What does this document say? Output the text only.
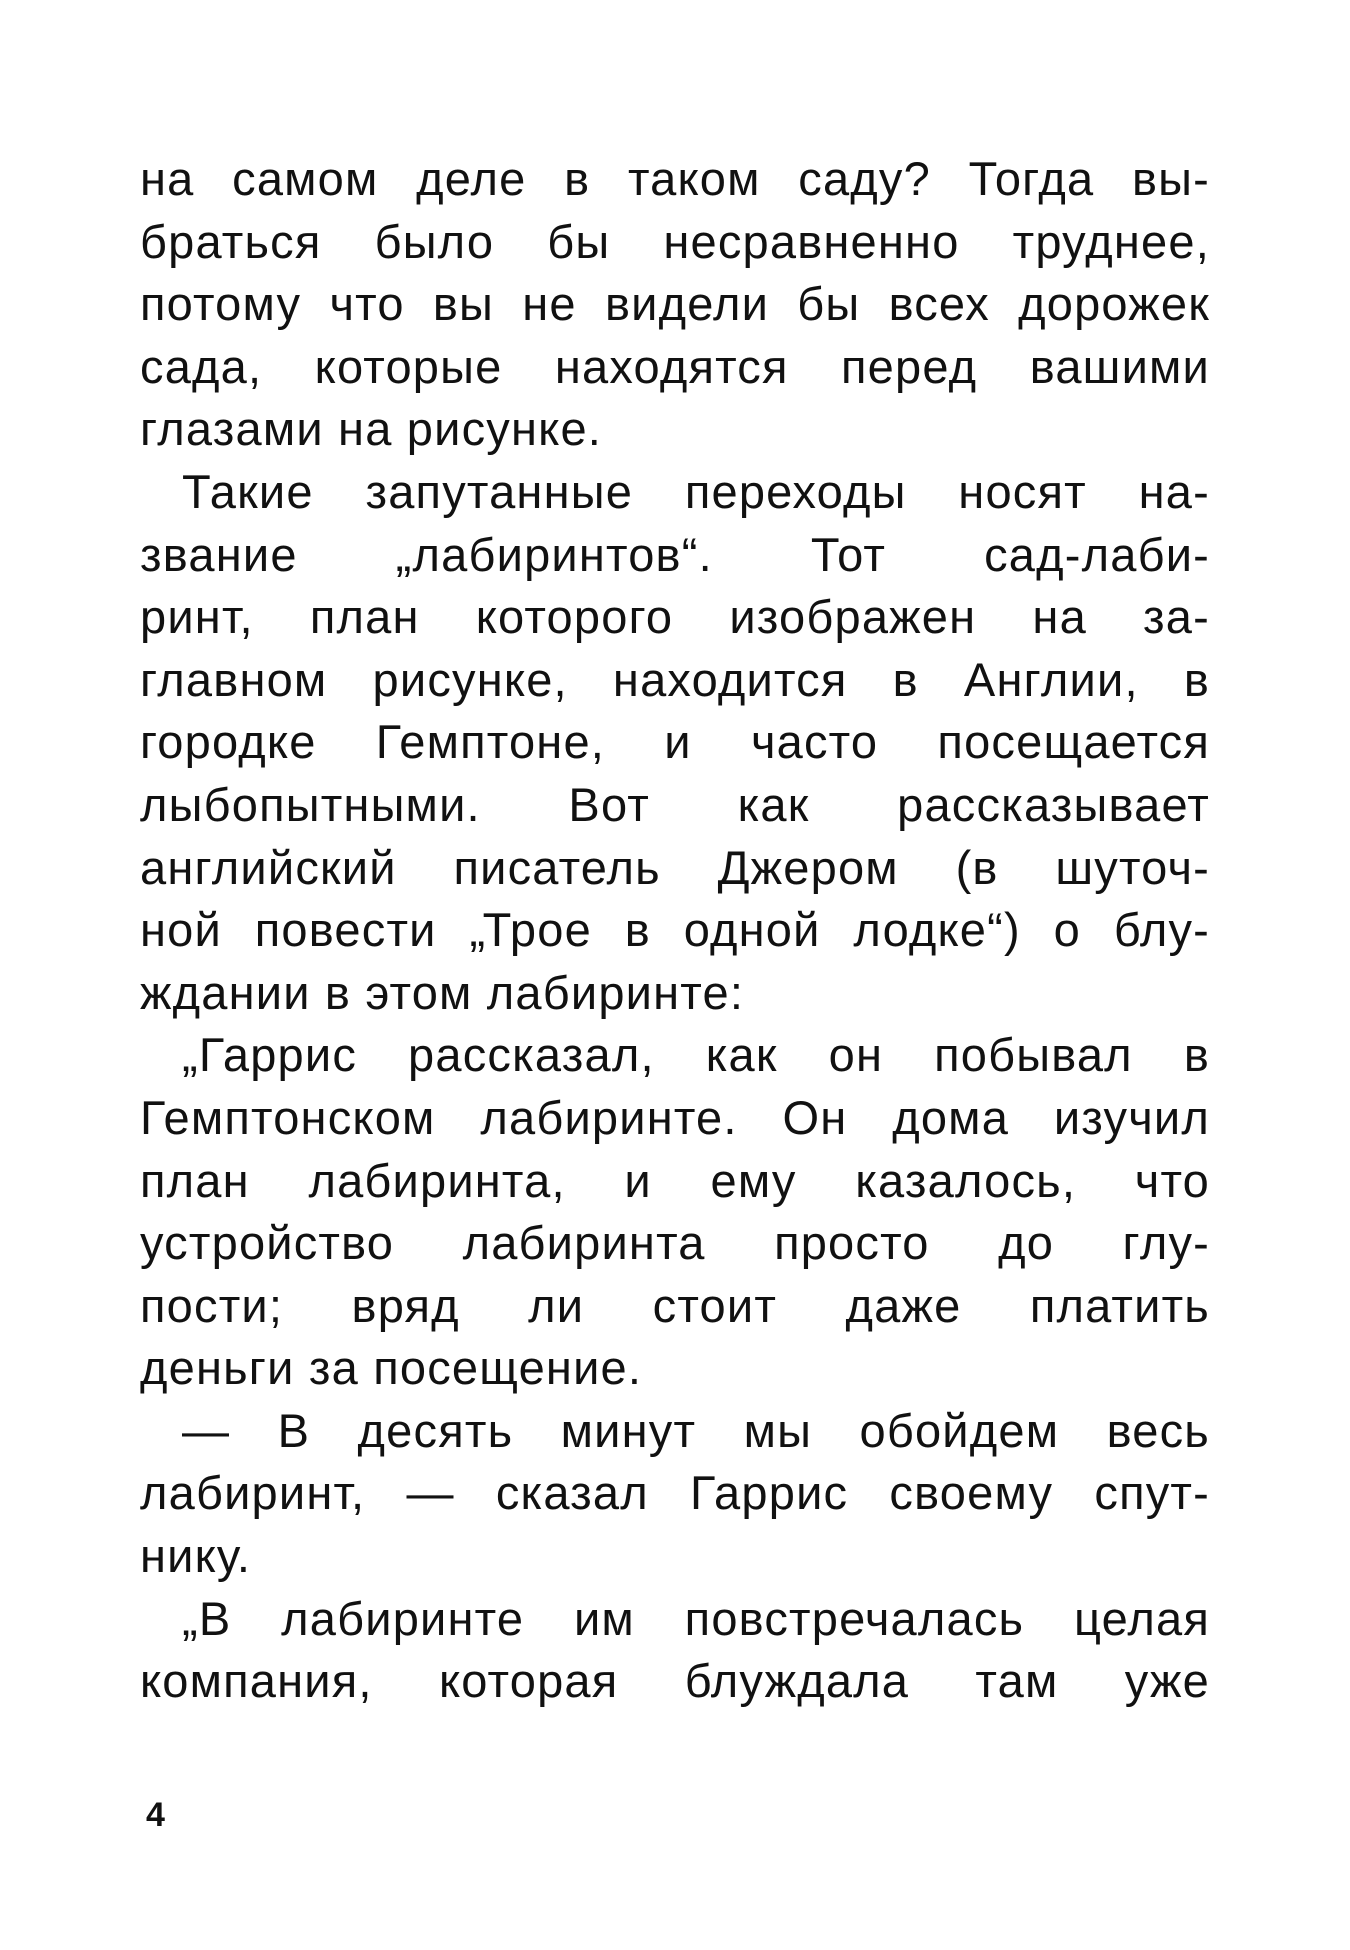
на самом деле в таком саду? Тогда вы-
браться было бы несравненно труднее,
потому что вы не видели бы всех дорожек
сада, которые находятся перед вашими
глазами на рисунке.
Такие запутанные переходы носят на-
звание „лабиринтов“. Тот сад-лаби-
ринт, план которого изображен на за-
главном рисунке, находится в Англии, в
городке Гемптоне, и часто посещается
лыбопытными. Вот как рассказывает
английский писатель Джером (в шуточ-
ной повести „Трое в одной лодке“) о блу-
ждании в этом лабиринте:
„Гаррис рассказал, как он побывал в
Гемптонском лабиринте. Он дома изучил
план лабиринта, и ему казалось, что
устройство лабиринта просто до глу-
пости; вряд ли стоит даже платить
деньги за посещение.
— В десять минут мы обойдем весь
лабиринт, — сказал Гаррис своему спут-
нику.
„В лабиринте им повстречалась целая
компания, которая блуждала там уже
4
